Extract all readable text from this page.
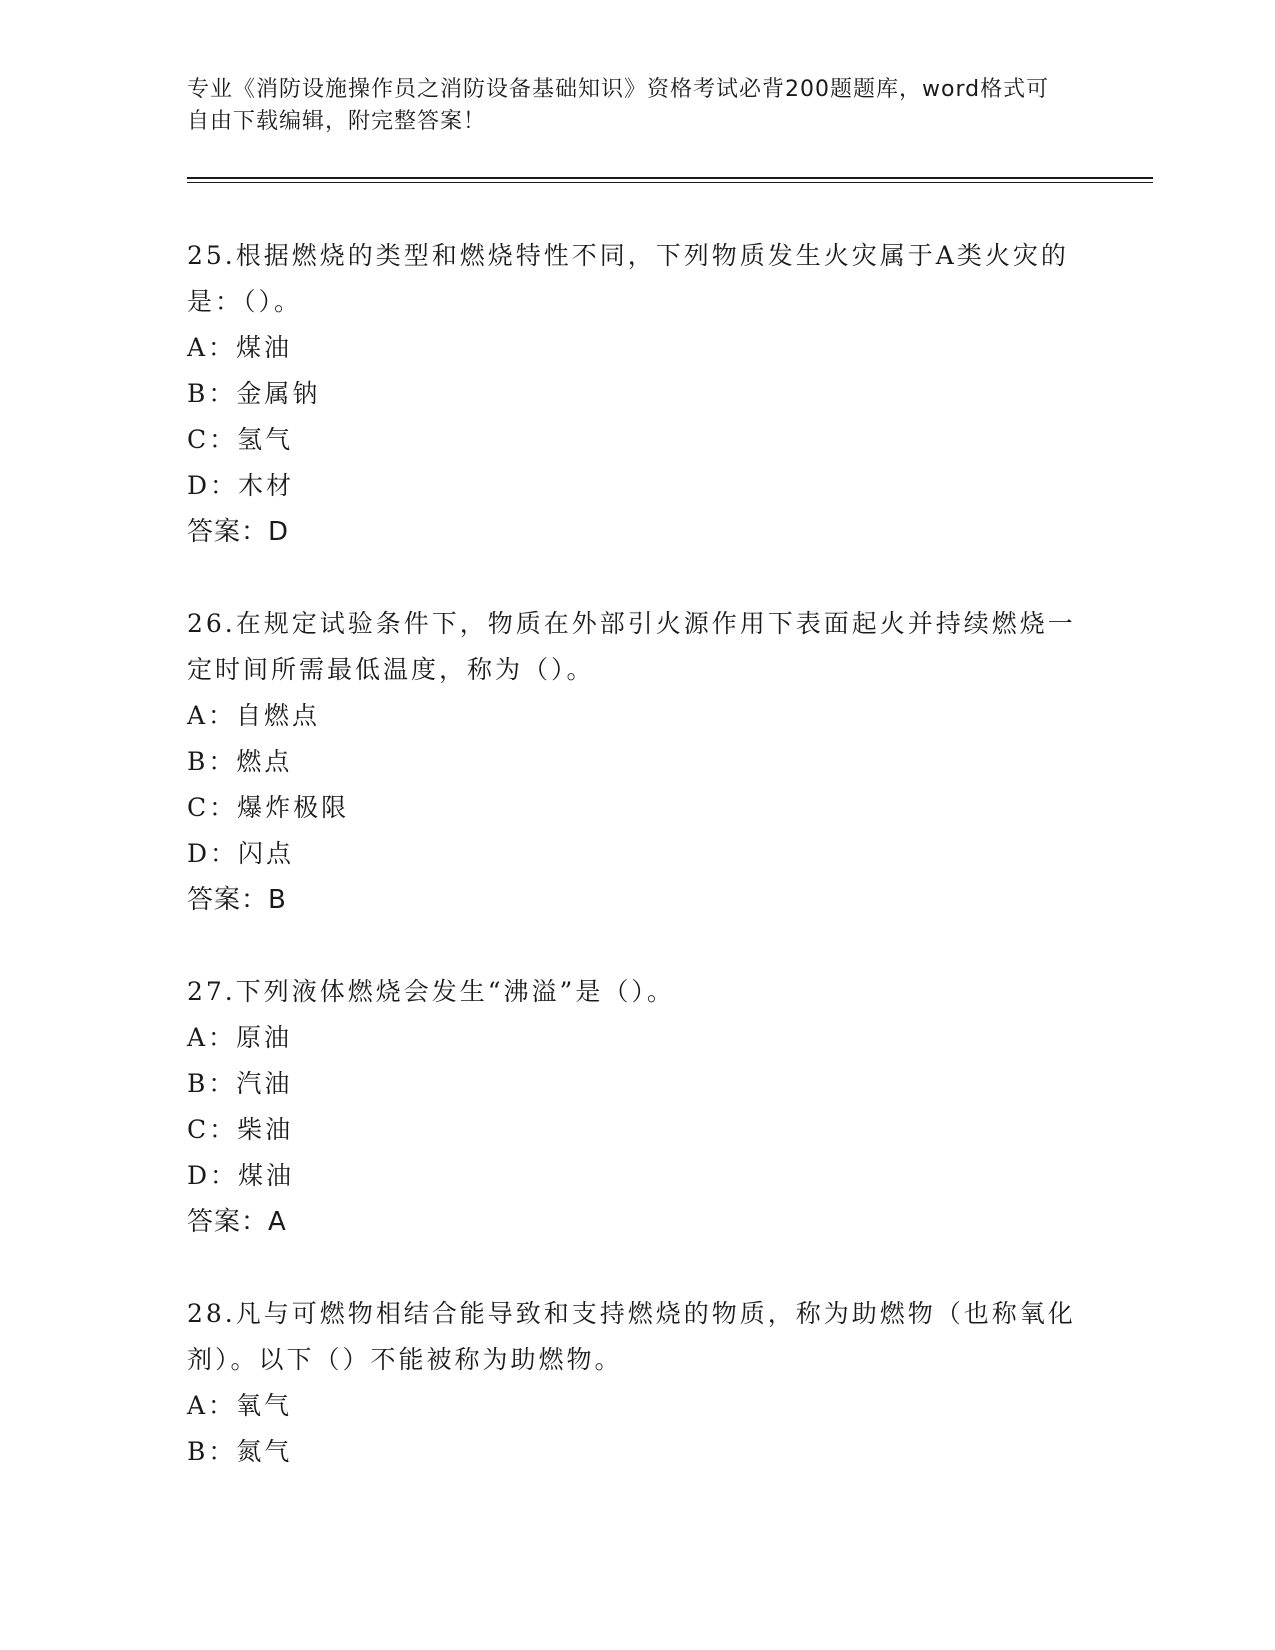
专业《消防设施操作员之消防设备基础知识》资格考试必背200题题库，word格式可自由下载编辑，附完整答案！

25.根据燃烧的类型和燃烧特性不同，下列物质发生火灾属于A类火灾的是：（）。

A：煤油

B：金属钠

C：氢气

D：木材

答案：D

26.在规定试验条件下，物质在外部引火源作用下表面起火并持续燃烧一定时间所需最低温度，称为（）。

A：自燃点

B：燃点

C：爆炸极限

D：闪点

答案：B

27.下列液体燃烧会发生“沸溢”是（）。

A：原油

B：汽油

C：柴油

D：煤油

答案：A

28.凡与可燃物相结合能导致和支持燃烧的物质，称为助燃物（也称氧化剂）。以下（）不能被称为助燃物。

A：氧气

B：氮气
